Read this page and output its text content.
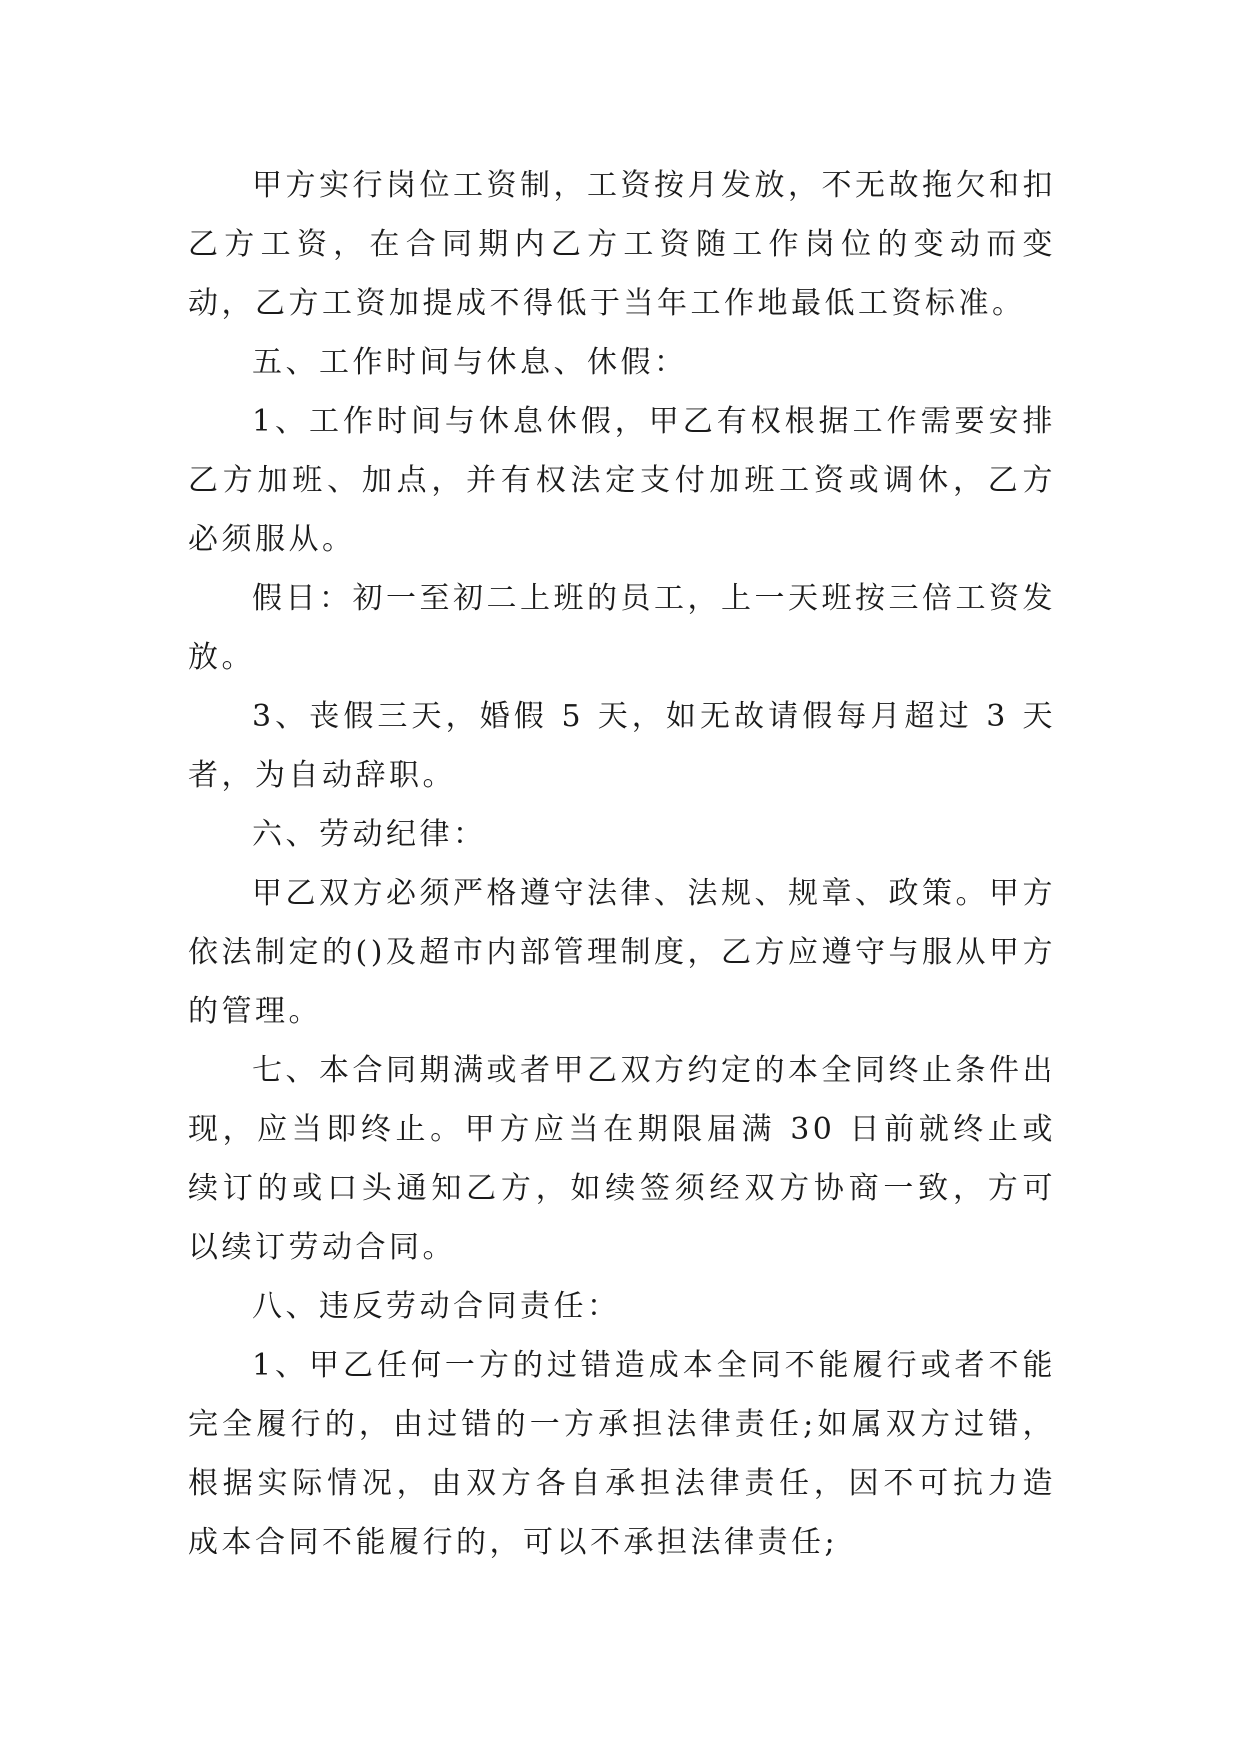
甲方实行岗位工资制，工资按月发放，不无故拖欠和扣乙方工资，在合同期内乙方工资随工作岗位的变动而变动，乙方工资加提成不得低于当年工作地最低工资标准。

五、工作时间与休息、休假：

1、工作时间与休息休假，甲乙有权根据工作需要安排乙方加班、加点，并有权法定支付加班工资或调休，乙方必须服从。

假日：初一至初二上班的员工，上一天班按三倍工资发放。

3、丧假三天，婚假 5 天，如无故请假每月超过 3 天者，为自动辞职。

六、劳动纪律：

甲乙双方必须严格遵守法律、法规、规章、政策。甲方依法制定的()及超市内部管理制度，乙方应遵守与服从甲方的管理。

七、本合同期满或者甲乙双方约定的本全同终止条件出现，应当即终止。甲方应当在期限届满 30 日前就终止或续订的或口头通知乙方，如续签须经双方协商一致，方可以续订劳动合同。

八、违反劳动合同责任：

1、甲乙任何一方的过错造成本全同不能履行或者不能完全履行的，由过错的一方承担法律责任;如属双方过错，根据实际情况，由双方各自承担法律责任，因不可抗力造成本合同不能履行的，可以不承担法律责任;
